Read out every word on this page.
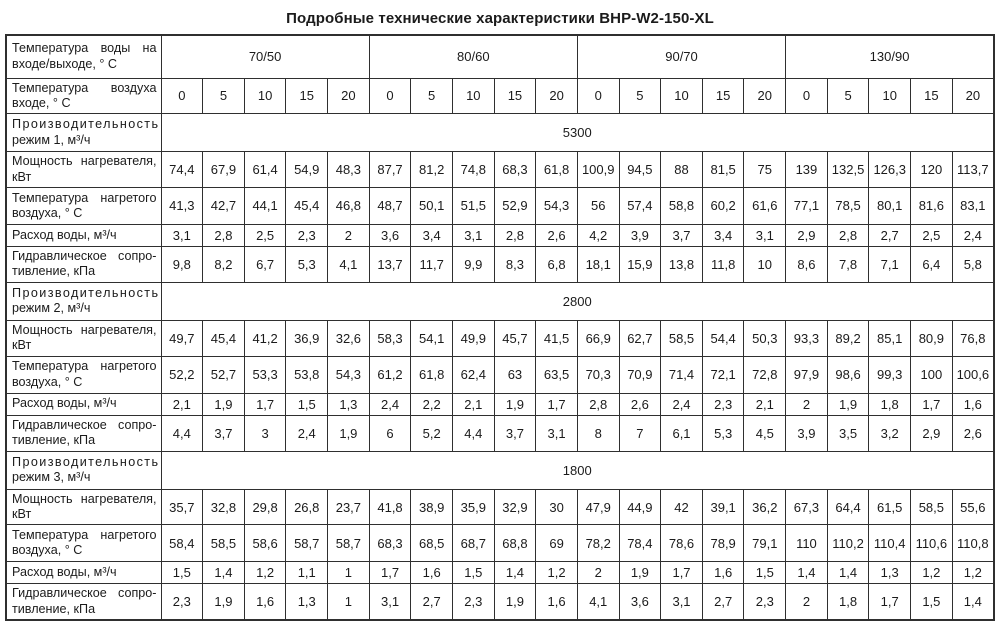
Подробные технические характеристики BHP-W2-150-XL
Температура воды на
входе/выходе, ° С	70/50					80/60					90/70					130/90				

Температура воздуха
входе, ° С	0	5	10	15	20	0	5	10	15	20	0	5	10	15	20	0	5	10	15	20

Производительность
режим 1, м³/ч	5300																			

Мощность нагревателя,
кВт	74,4	67,9	61,4	54,9	48,3	87,7	81,2	74,8	68,3	61,8	100,9	94,5	88	81,5	75	139	132,5	126,3	120	113,7

Температура нагретого
воздуха, ° С	41,3	42,7	44,1	45,4	46,8	48,7	50,1	51,5	52,9	54,3	56	57,4	58,8	60,2	61,6	77,1	78,5	80,1	81,6	83,1

Расход воды, м³/ч	3,1	2,8	2,5	2,3	2	3,6	3,4	3,1	2,8	2,6	4,2	3,9	3,7	3,4	3,1	2,9	2,8	2,7	2,5	2,4

Гидравлическое сопро-
тивление, кПа	9,8	8,2	6,7	5,3	4,1	13,7	11,7	9,9	8,3	6,8	18,1	15,9	13,8	11,8	10	8,6	7,8	7,1	6,4	5,8

Производительность
режим 2, м³/ч	2800																			

Мощность нагревателя,
кВт	49,7	45,4	41,2	36,9	32,6	58,3	54,1	49,9	45,7	41,5	66,9	62,7	58,5	54,4	50,3	93,3	89,2	85,1	80,9	76,8

Температура нагретого
воздуха, ° С	52,2	52,7	53,3	53,8	54,3	61,2	61,8	62,4	63	63,5	70,3	70,9	71,4	72,1	72,8	97,9	98,6	99,3	100	100,6

Расход воды, м³/ч	2,1	1,9	1,7	1,5	1,3	2,4	2,2	2,1	1,9	1,7	2,8	2,6	2,4	2,3	2,1	2	1,9	1,8	1,7	1,6

Гидравлическое сопро-
тивление, кПа	4,4	3,7	3	2,4	1,9	6	5,2	4,4	3,7	3,1	8	7	6,1	5,3	4,5	3,9	3,5	3,2	2,9	2,6

Производительность
режим 3, м³/ч	1800																			

Мощность нагревателя,
кВт	35,7	32,8	29,8	26,8	23,7	41,8	38,9	35,9	32,9	30	47,9	44,9	42	39,1	36,2	67,3	64,4	61,5	58,5	55,6

Температура нагретого
воздуха, ° С	58,4	58,5	58,6	58,7	58,7	68,3	68,5	68,7	68,8	69	78,2	78,4	78,6	78,9	79,1	110	110,2	110,4	110,6	110,8

Расход воды, м³/ч	1,5	1,4	1,2	1,1	1	1,7	1,6	1,5	1,4	1,2	2	1,9	1,7	1,6	1,5	1,4	1,4	1,3	1,2	1,2

Гидравлическое сопро-
тивление, кПа	2,3	1,9	1,6	1,3	1	3,1	2,7	2,3	1,9	1,6	4,1	3,6	3,1	2,7	2,3	2	1,8	1,7	1,5	1,4
